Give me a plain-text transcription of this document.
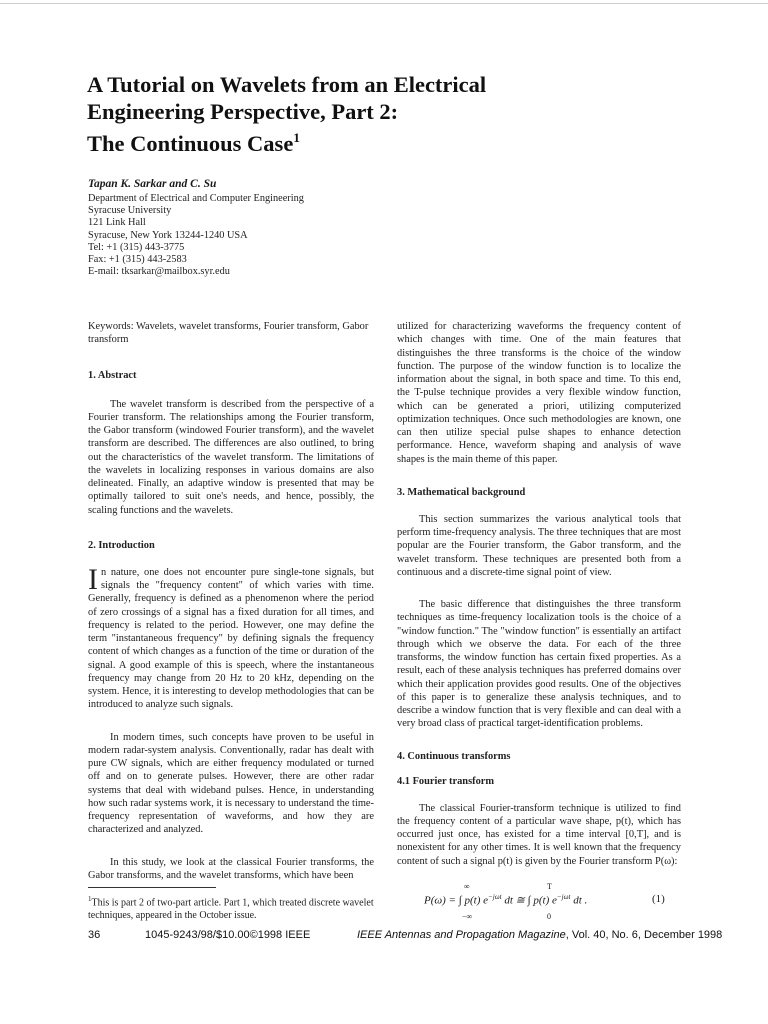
A Tutorial on Wavelets from an Electrical
Engineering Perspective, Part 2:
The Continuous Case$^1$
Tapan K. Sarkar and C. Su
Department of Electrical and Computer Engineering
Syracuse University
121 Link Hall
Syracuse, New York 13244-1240 USA
Tel: +1 (315) 443-3775
Fax: +1 (315) 443-2583
E-mail: tksarkar@mailbox.syr.edu

Keywords: Wavelets, wavelet transforms, Fourier transform, Gabor transform

1. Abstract

The wavelet transform is described from the perspective of a Fourier transform. The relationships among the Fourier transform, the Gabor transform (windowed Fourier transform), and the wavelet transform are described. The differences are also outlined, to bring out the characteristics of the wavelet transform. The limitations of the wavelets in localizing responses in various domains are also delineated. Finally, an adaptive window is presented that may be optimally tailored to suit one's needs, and hence, possibly, the scaling functions and the wavelets.

2. Introduction

In nature, one does not encounter pure single-tone signals, but signals the "frequency content" of which varies with time. Generally, frequency is defined as a phenomenon where the period of zero crossings of a signal has a fixed duration for all times, and frequency is related to the period. However, one may define the term "instantaneous frequency" by defining signals the frequency content of which changes as a function of the time or duration of the signal. A good example of this is speech, where the instantaneous frequency may change from 20 Hz to 20 kHz, depending on the system. Hence, it is interesting to develop methodologies that can be introduced to analyze such signals.

In modern times, such concepts have proven to be useful in modern radar-system analysis. Conventionally, radar has dealt with pure CW signals, which are either frequency modulated or turned off and on to generate pulses. However, there are other radar systems that deal with wideband pulses. Hence, in understanding how such radar systems work, it is necessary to understand the time-frequency representation of waveforms, and how they are characterized and analyzed.

In this study, we look at the classical Fourier transforms, the Gabor transforms, and the wavelet transforms, which have been

utilized for characterizing waveforms the frequency content of which changes with time. One of the main features that distinguishes the three transforms is the choice of the window function. The purpose of the window function is to localize the information about the signal, in both space and time. To this end, the T-pulse technique provides a very flexible window function, which can be generated a priori, utilizing computerized optimization techniques. Once such methodologies are known, one can then utilize special pulse shapes to enhance detection performance. Hence, waveform shaping and analysis of wave shapes is the main theme of this paper.

3. Mathematical background

This section summarizes the various analytical tools that perform time-frequency analysis. The three techniques that are most popular are the Fourier transform, the Gabor transform, and the wavelet transform. These techniques are presented both from a continuous and a discrete-time signal point of view.

The basic difference that distinguishes the three transform techniques as time-frequency localization tools is the choice of a "window function." The "window function" is essentially an artifact through which we observe the data. For each of the three transforms, the window function has certain fixed properties. As a result, each of these analysis techniques has preferred domains over which their application provides good results. One of the objectives of this paper is to generalize these analysis techniques, and to describe a window function that is very flexible and can deal with a very broad class of practical target-identification problems.

4. Continuous transforms
4.1 Fourier transform

The classical Fourier-transform technique is utilized to find the frequency content of a particular wave shape, p(t), which has occurred just once, has existed for a time interval [0,T], and is nonexistent for any other times. It is well known that the frequency content of such a signal p(t) is given by the Fourier transform P(ω):

$^1$This is part 2 of two-part article. Part 1, which treated discrete wavelet techniques, appeared in the October issue.
∞
−∞
T
0
P(ω) = ∫ p(t) $e^{-j\omega t}$ dt ≅ ∫ p(t) $e^{-j\omega t}$ dt .	(1)
36	1045-9243/98/$10.00©1998 IEEE	IEEE Antennas and Propagation Magazine, Vol. 40, No. 6, December 1998
